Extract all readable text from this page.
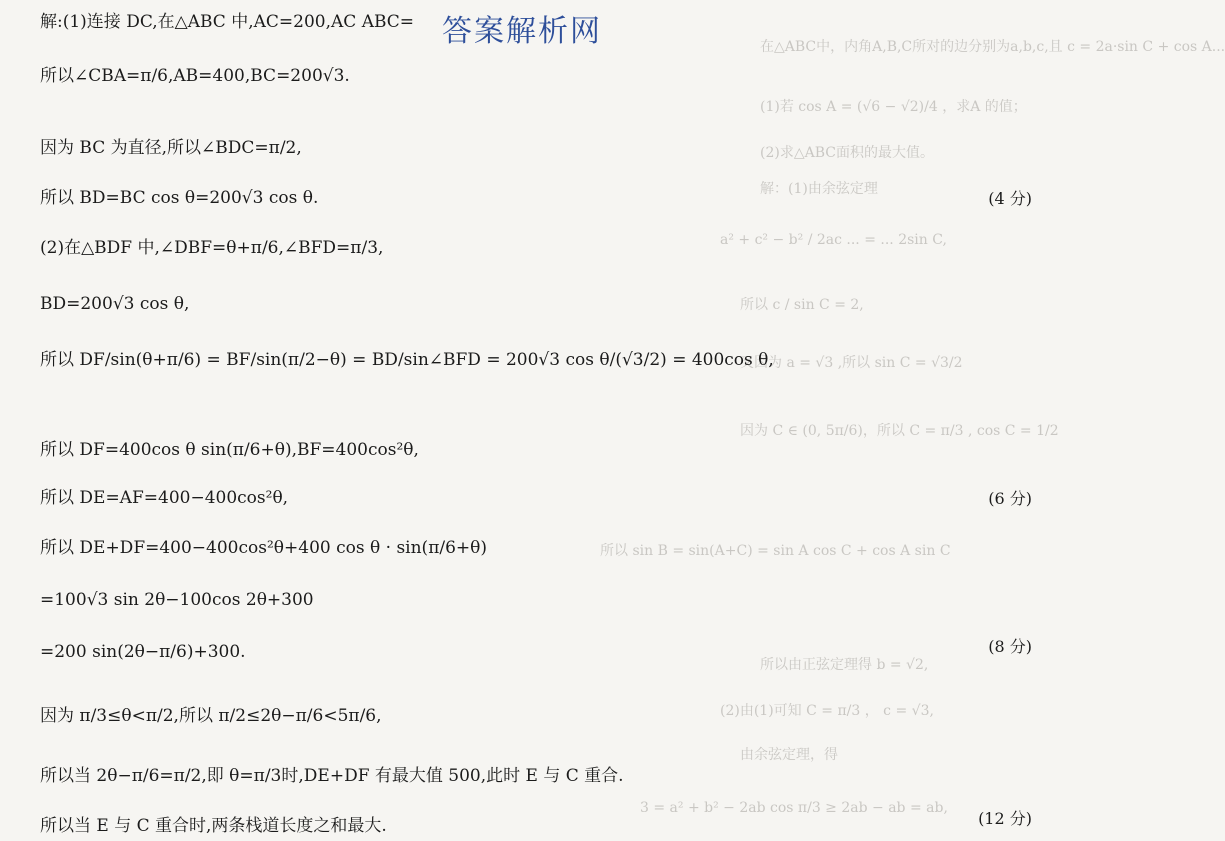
在△ABC中，内角A,B,C所对的边分别为a,b,c,且 c = 2a·sin C + cos A...
(1)若 cos A = (√6 − √2)/4 ，求A 的值；
(2)求△ABC面积的最大值。
解：(1)由余弦定理
a² + c² − b² / 2ac ... = ... 2sin C,
所以 c / sin C = 2,
又因为 a = √3 ,所以 sin C = √3/2
因为 C ∈ (0, 5π/6)，所以 C = π/3 , cos C = 1/2
所以 sin B = sin(A+C) = sin A cos C + cos A sin C
所以由正弦定理得 b = √2,
(2)由(1)可知 C = π/3 ， c = √3,
由余弦定理，得
3 = a² + b² − 2ab cos π/3 ≥ 2ab − ab = ab,
答案解析网
解:(1)连接 DC,在△ABC 中,AC=200,AC ABC=
所以∠CBA=π/6,AB=400,BC=200√3.
因为 BC 为直径,所以∠BDC=π/2,
所以 BD=BC cos θ=200√3 cos θ.	(4 分)
(2)在△BDF 中,∠DBF=θ+π/6,∠BFD=π/3,
BD=200√3 cos θ,
所以 DF/sin(θ+π/6) = BF/sin(π/2−θ) = BD/sin∠BFD = 200√3 cos θ/(√3/2) = 400cos θ,
所以 DF=400cos θ sin(π/6+θ),BF=400cos²θ,
所以 DE=AF=400−400cos²θ,	(6 分)
所以 DE+DF=400−400cos²θ+400 cos θ · sin(π/6+θ)
=100√3 sin 2θ−100cos 2θ+300
=200 sin(2θ−π/6)+300.	(8 分)
因为 π/3≤θ<π/2,所以 π/2≤2θ−π/6<5π/6,
所以当 2θ−π/6=π/2,即 θ=π/3时,DE+DF 有最大值 500,此时 E 与 C 重合.
所以当 E 与 C 重合时,两条栈道长度之和最大.	(12 分)
